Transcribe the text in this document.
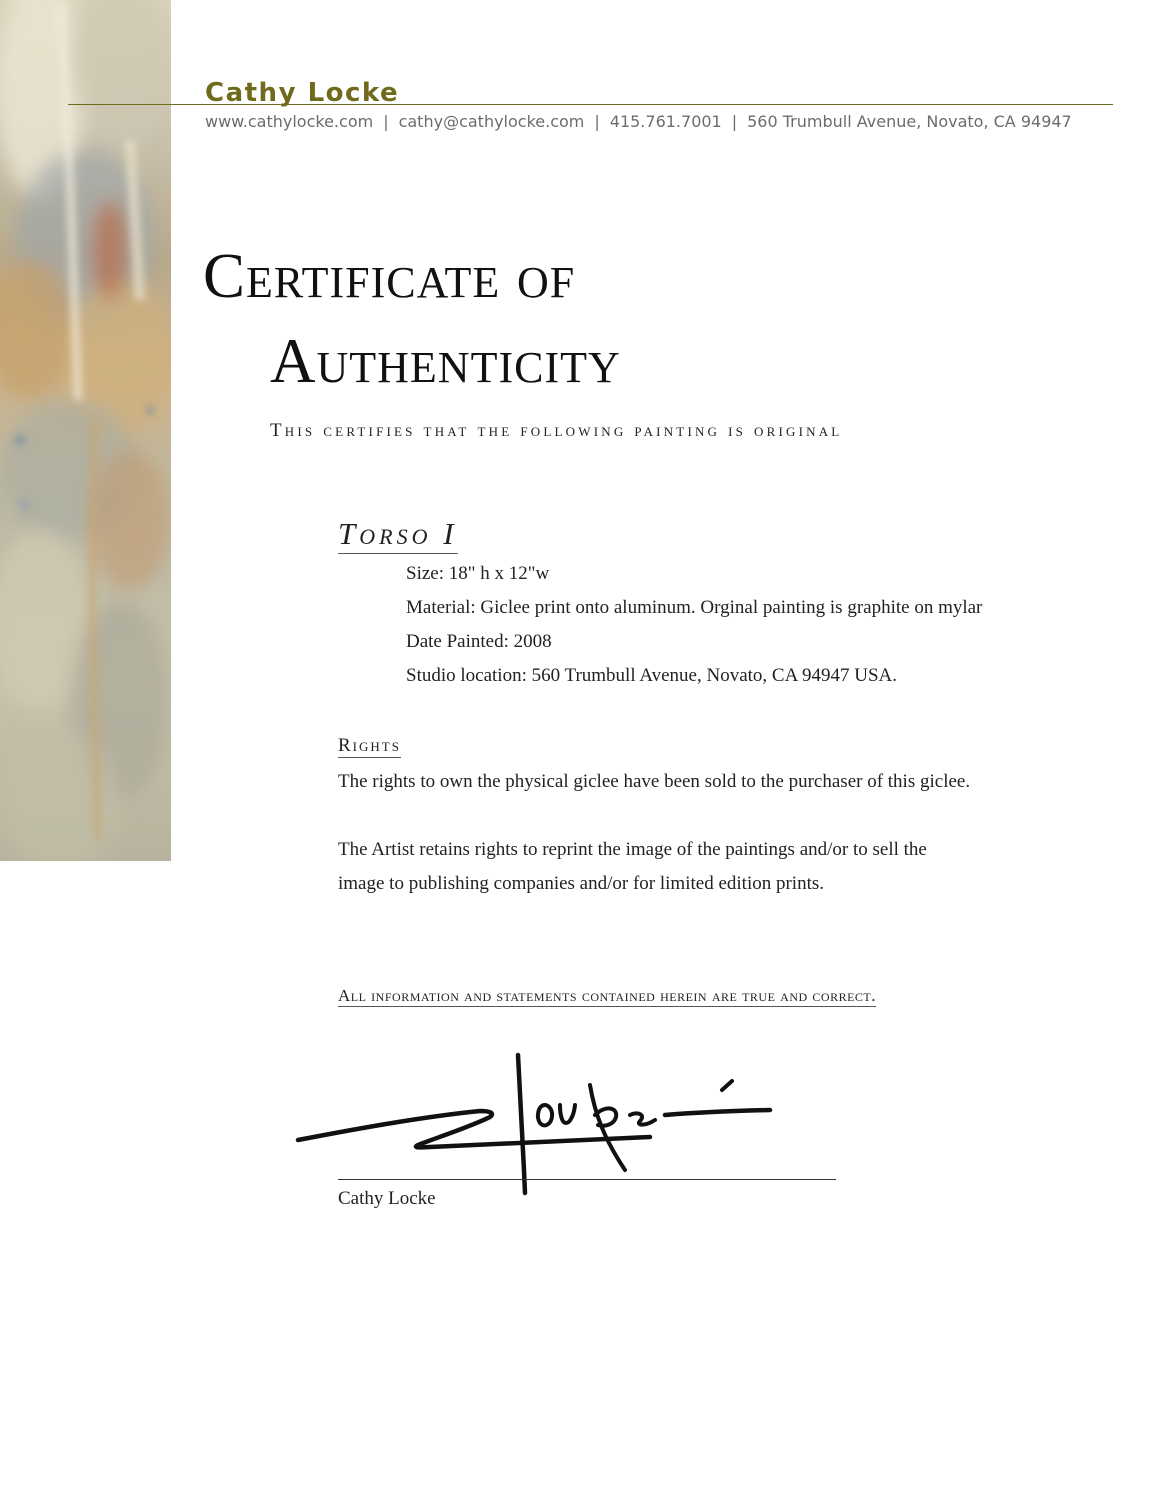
Cathy Locke
www.cathylocke.com | cathy@cathylocke.com | 415.761.7001 | 560 Trumbull Avenue, Novato, CA 94947
Certificate of
Authenticity
This certifies that the following painting is original
Torso I
Size: 18" h x 12"w
Material: Giclee print onto aluminum. Orginal painting is graphite on mylar
Date Painted: 2008
Studio location: 560 Trumbull Avenue, Novato, CA 94947 USA.
Rights
The rights to own the physical giclee have been sold to the purchaser of this giclee.
The Artist retains rights to reprint the image of the paintings and/or to sell the
image to publishing companies and/or for limited edition prints.
All information and statements contained herein are true and correct.
Cathy Locke
